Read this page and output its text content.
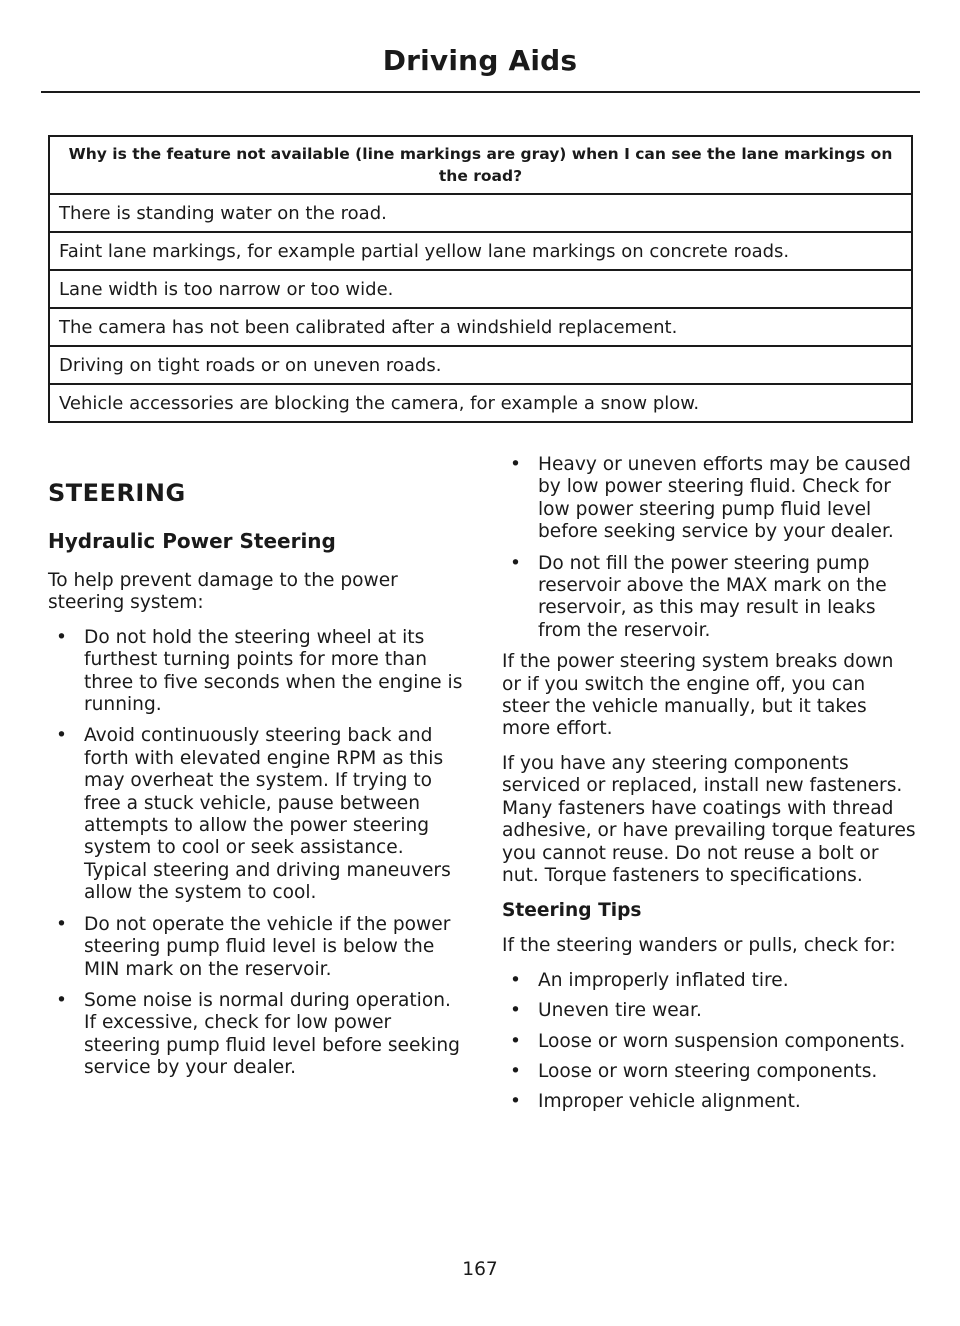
Driving Aids
Why is the feature not available (line markings are gray) when I can see the lane markings on the road?
There is standing water on the road.
Faint lane markings, for example partial yellow lane markings on concrete roads.
Lane width is too narrow or too wide.
The camera has not been calibrated after a windshield replacement.
Driving on tight roads or on uneven roads.
Vehicle accessories are blocking the camera, for example a snow plow.
STEERING
Hydraulic Power Steering

To help prevent damage to the power steering system:

• Do not hold the steering wheel at its furthest turning points for more than three to five seconds when the engine is running.
• Avoid continuously steering back and forth with elevated engine RPM as this may overheat the system. If trying to free a stuck vehicle, pause between attempts to allow the power steering system to cool or seek assistance. Typical steering and driving maneuvers allow the system to cool.
• Do not operate the vehicle if the power steering pump fluid level is below the MIN mark on the reservoir.
• Some noise is normal during operation. If excessive, check for low power steering pump fluid level before seeking service by your dealer.
• Heavy or uneven efforts may be caused by low power steering fluid. Check for low power steering pump fluid level before seeking service by your dealer.
• Do not fill the power steering pump reservoir above the MAX mark on the reservoir, as this may result in leaks from the reservoir.

If the power steering system breaks down or if you switch the engine off, you can steer the vehicle manually, but it takes more effort.

If you have any steering components serviced or replaced, install new fasteners. Many fasteners have coatings with thread adhesive, or have prevailing torque features you cannot reuse. Do not reuse a bolt or nut. Torque fasteners to specifications.

Steering Tips

If the steering wanders or pulls, check for:

• An improperly inflated tire.
• Uneven tire wear.
• Loose or worn suspension components.
• Loose or worn steering components.
• Improper vehicle alignment.
167
